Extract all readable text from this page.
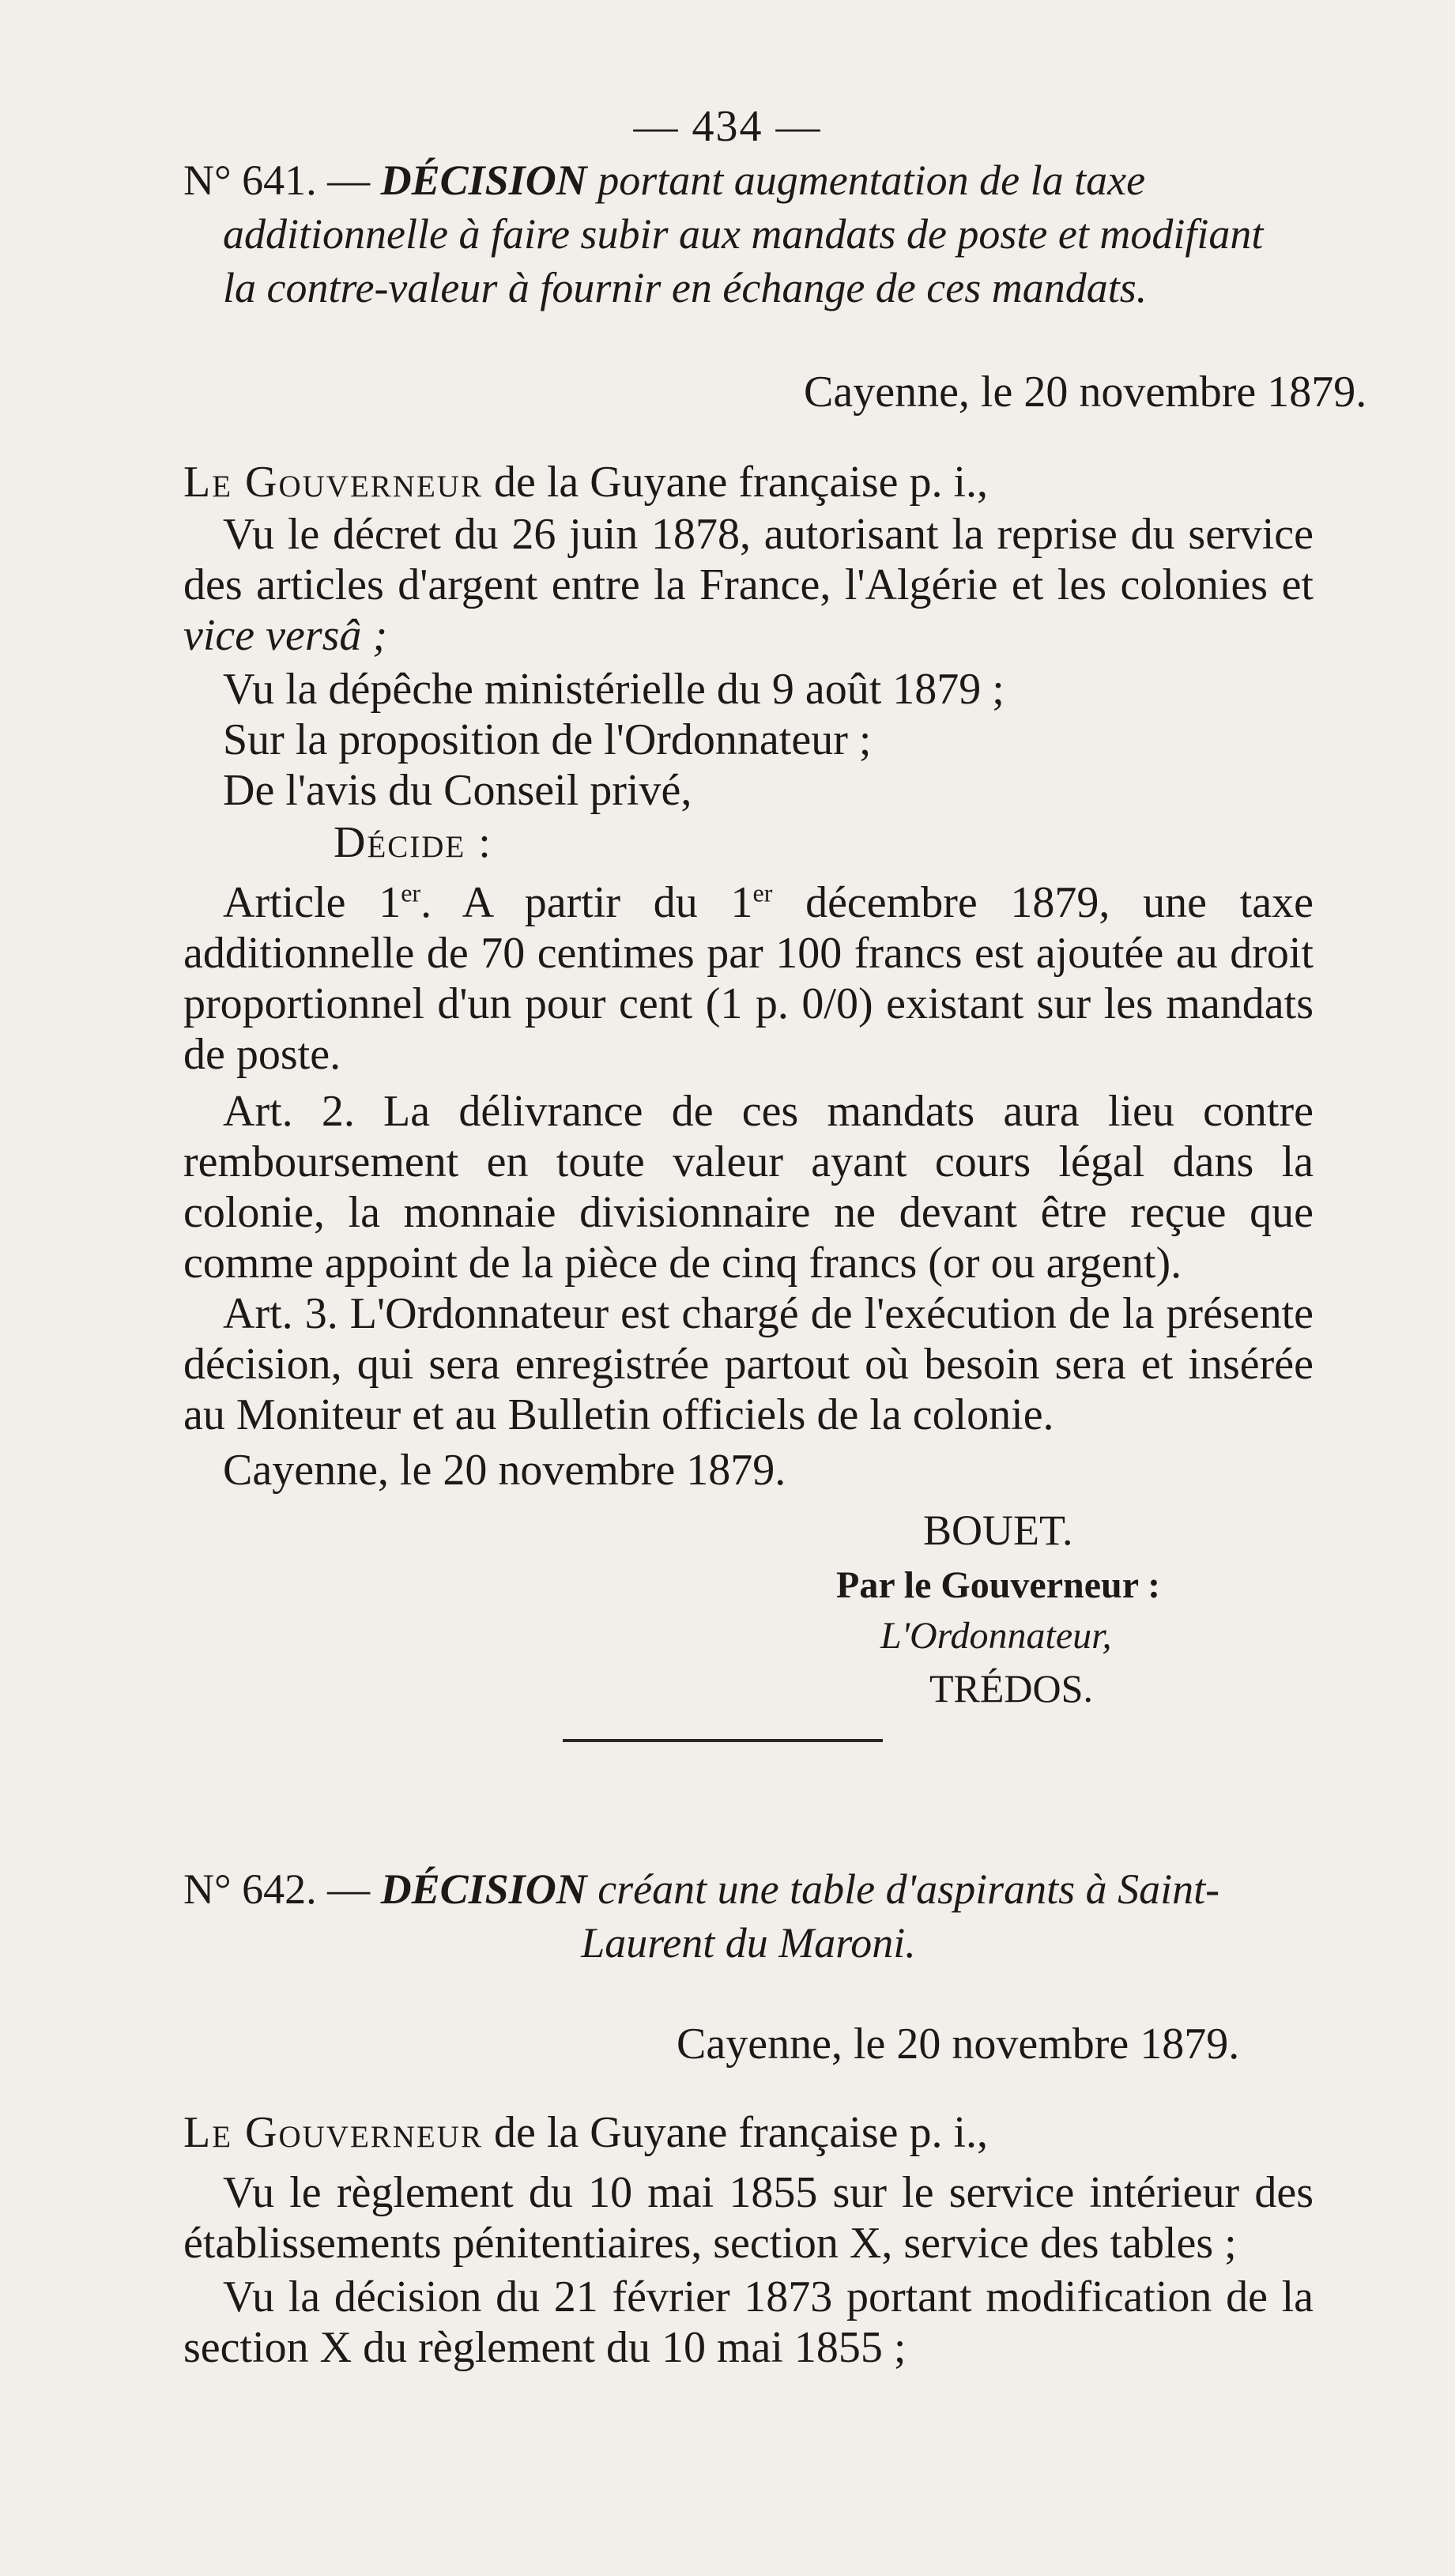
— 434 —
N° 641. — DÉCISION portant augmentation de la taxe
additionnelle à faire subir aux mandats de poste et modifiant
la contre-valeur à fournir en échange de ces mandats.
Cayenne, le 20 novembre 1879.
Le Gouverneur de la Guyane française p. i.,
Vu le décret du 26 juin 1878, autorisant la reprise du service des articles d'argent entre la France, l'Algérie et les colonies et vice versâ ;
Vu la dépêche ministérielle du 9 août 1879 ;
Sur la proposition de l'Ordonnateur ;
De l'avis du Conseil privé,
Décide :
Article 1er. A partir du 1er décembre 1879, une taxe additionnelle de 70 centimes par 100 francs est ajoutée au droit proportionnel d'un pour cent (1 p. 0/0) existant sur les mandats de poste.
Art. 2. La délivrance de ces mandats aura lieu contre remboursement en toute valeur ayant cours légal dans la colonie, la monnaie divisionnaire ne devant être reçue que comme appoint de la pièce de cinq francs (or ou argent).
Art. 3. L'Ordonnateur est chargé de l'exécution de la présente décision, qui sera enregistrée partout où besoin sera et insérée au Moniteur et au Bulletin officiels de la colonie.
Cayenne, le 20 novembre 1879.
BOUET.
Par le Gouverneur :
L'Ordonnateur,
TRÉDOS.
N° 642. — DÉCISION créant une table d'aspirants à Saint-
Laurent du Maroni.
Cayenne, le 20 novembre 1879.
Le Gouverneur de la Guyane française p. i.,
Vu le règlement du 10 mai 1855 sur le service intérieur des établissements pénitentiaires, section X, service des tables ;
Vu la décision du 21 février 1873 portant modification de la section X du règlement du 10 mai 1855 ;
